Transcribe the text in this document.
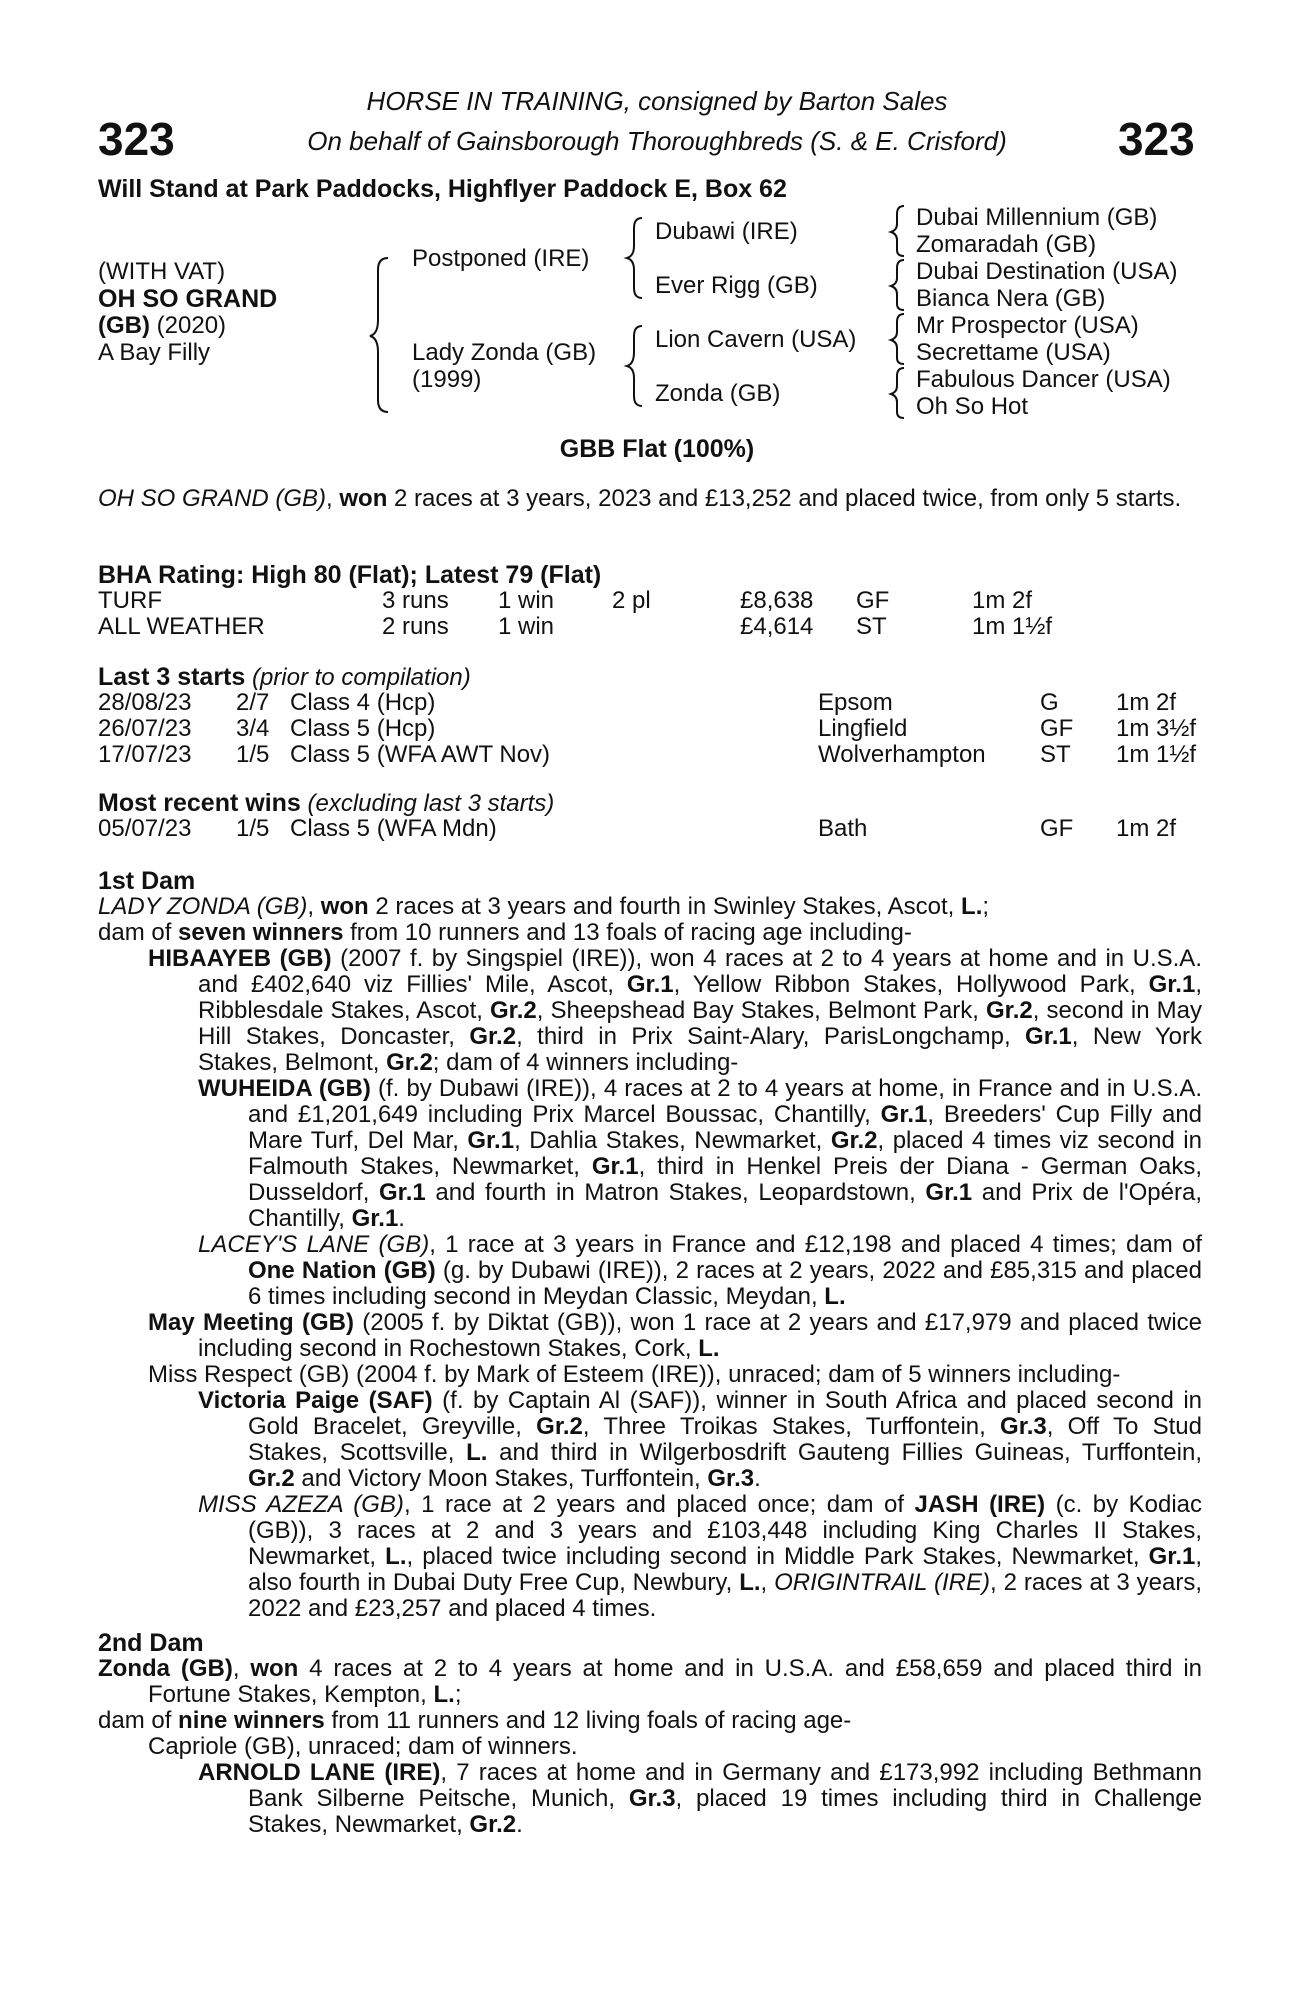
HORSE IN TRAINING, consigned by Barton Sales
On behalf of Gainsborough Thoroughbreds (S. & E. Crisford)
323	323
Will Stand at Park Paddocks, Highflyer Paddock E, Box 62
(WITH VAT)
OH SO GRAND
(GB) (2020)
A Bay Filly
Postponed (IRE)
Lady Zonda (GB)
(1999)
Dubawi (IRE)
Ever Rigg (GB)
Lion Cavern (USA)
Zonda (GB)
Dubai Millennium (GB)
Zomaradah (GB)
Dubai Destination (USA)
Bianca Nera (GB)
Mr Prospector (USA)
Secrettame (USA)
Fabulous Dancer (USA)
Oh So Hot
GBB Flat (100%)
OH SO GRAND (GB), won 2 races at 3 years, 2023 and £13,252 and placed twice, from only 5 starts.
BHA Rating: High 80 (Flat); Latest 79 (Flat)
TURF	3 runs 1 win 2 pl	£8,638 GF	1m 2f
ALL WEATHER	2 runs 1 win	£4,614 ST	1m 1½f
Last 3 starts (prior to compilation)
28/08/23 2/7 Class 4 (Hcp)	Epsom	G 1m 2f
26/07/23 3/4 Class 5 (Hcp)	Lingfield	GF 1m 3½f
17/07/23 1/5 Class 5 (WFA AWT Nov)	Wolverhampton ST 1m 1½f
Most recent wins (excluding last 3 starts)
05/07/23 1/5 Class 5 (WFA Mdn)	Bath	GF 1m 2f
1st Dam
LADY ZONDA (GB), won 2 races at 3 years and fourth in Swinley Stakes, Ascot, L.;
dam of seven winners from 10 runners and 13 foals of racing age including-
HIBAAYEB (GB) (2007 f. by Singspiel (IRE)), won 4 races at 2 to 4 years at home and in U.S.A. and £402,640 viz Fillies' Mile, Ascot, Gr.1, Yellow Ribbon Stakes, Hollywood Park, Gr.1, Ribblesdale Stakes, Ascot, Gr.2, Sheepshead Bay Stakes, Belmont Park, Gr.2, second in May Hill Stakes, Doncaster, Gr.2, third in Prix Saint-Alary, ParisLongchamp, Gr.1, New York Stakes, Belmont, Gr.2; dam of 4 winners including-
WUHEIDA (GB) (f. by Dubawi (IRE)), 4 races at 2 to 4 years at home, in France and in U.S.A. and £1,201,649 including Prix Marcel Boussac, Chantilly, Gr.1, Breeders' Cup Filly and Mare Turf, Del Mar, Gr.1, Dahlia Stakes, Newmarket, Gr.2, placed 4 times viz second in Falmouth Stakes, Newmarket, Gr.1, third in Henkel Preis der Diana - German Oaks, Dusseldorf, Gr.1 and fourth in Matron Stakes, Leopardstown, Gr.1 and Prix de l'Opéra, Chantilly, Gr.1.
LACEY'S LANE (GB), 1 race at 3 years in France and £12,198 and placed 4 times; dam of One Nation (GB) (g. by Dubawi (IRE)), 2 races at 2 years, 2022 and £85,315 and placed 6 times including second in Meydan Classic, Meydan, L.
May Meeting (GB) (2005 f. by Diktat (GB)), won 1 race at 2 years and £17,979 and placed twice including second in Rochestown Stakes, Cork, L.
Miss Respect (GB) (2004 f. by Mark of Esteem (IRE)), unraced; dam of 5 winners including-
Victoria Paige (SAF) (f. by Captain Al (SAF)), winner in South Africa and placed second in Gold Bracelet, Greyville, Gr.2, Three Troikas Stakes, Turffontein, Gr.3, Off To Stud Stakes, Scottsville, L. and third in Wilgerbosdrift Gauteng Fillies Guineas, Turffontein, Gr.2 and Victory Moon Stakes, Turffontein, Gr.3.
MISS AZEZA (GB), 1 race at 2 years and placed once; dam of JASH (IRE) (c. by Kodiac (GB)), 3 races at 2 and 3 years and £103,448 including King Charles II Stakes, Newmarket, L., placed twice including second in Middle Park Stakes, Newmarket, Gr.1, also fourth in Dubai Duty Free Cup, Newbury, L., ORIGINTRAIL (IRE), 2 races at 3 years, 2022 and £23,257 and placed 4 times.
2nd Dam
Zonda (GB), won 4 races at 2 to 4 years at home and in U.S.A. and £58,659 and placed third in Fortune Stakes, Kempton, L.;
dam of nine winners from 11 runners and 12 living foals of racing age-
Capriole (GB), unraced; dam of winners.
ARNOLD LANE (IRE), 7 races at home and in Germany and £173,992 including Bethmann Bank Silberne Peitsche, Munich, Gr.3, placed 19 times including third in Challenge Stakes, Newmarket, Gr.2.
